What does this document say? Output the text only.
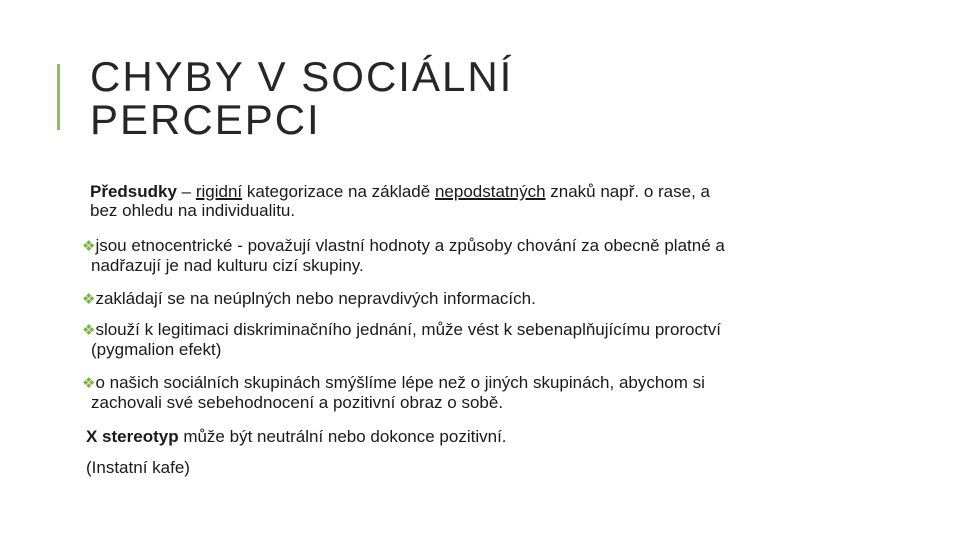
CHYBY V SOCIÁLNÍ
PERCEPCI

Předsudky – rigidní kategorizace na základě nepodstatných znaků např. o rase, a
bez ohledu na individualitu.

❖jsou etnocentrické - považují vlastní hodnoty a způsoby chování za obecně platné a
nadřazují je nad kulturu cizí skupiny.

❖zakládají se na neúplných nebo nepravdivých informacích.

❖slouží k legitimaci diskriminačního jednání, může vést k sebenaplňujícímu proroctví
(pygmalion efekt)

❖o našich sociálních skupinách smýšlíme lépe než o jiných skupinách, abychom si
zachovali své sebehodnocení a pozitivní obraz o sobě.

X stereotyp může být neutrální nebo dokonce pozitivní.

(Instatní kafe)
